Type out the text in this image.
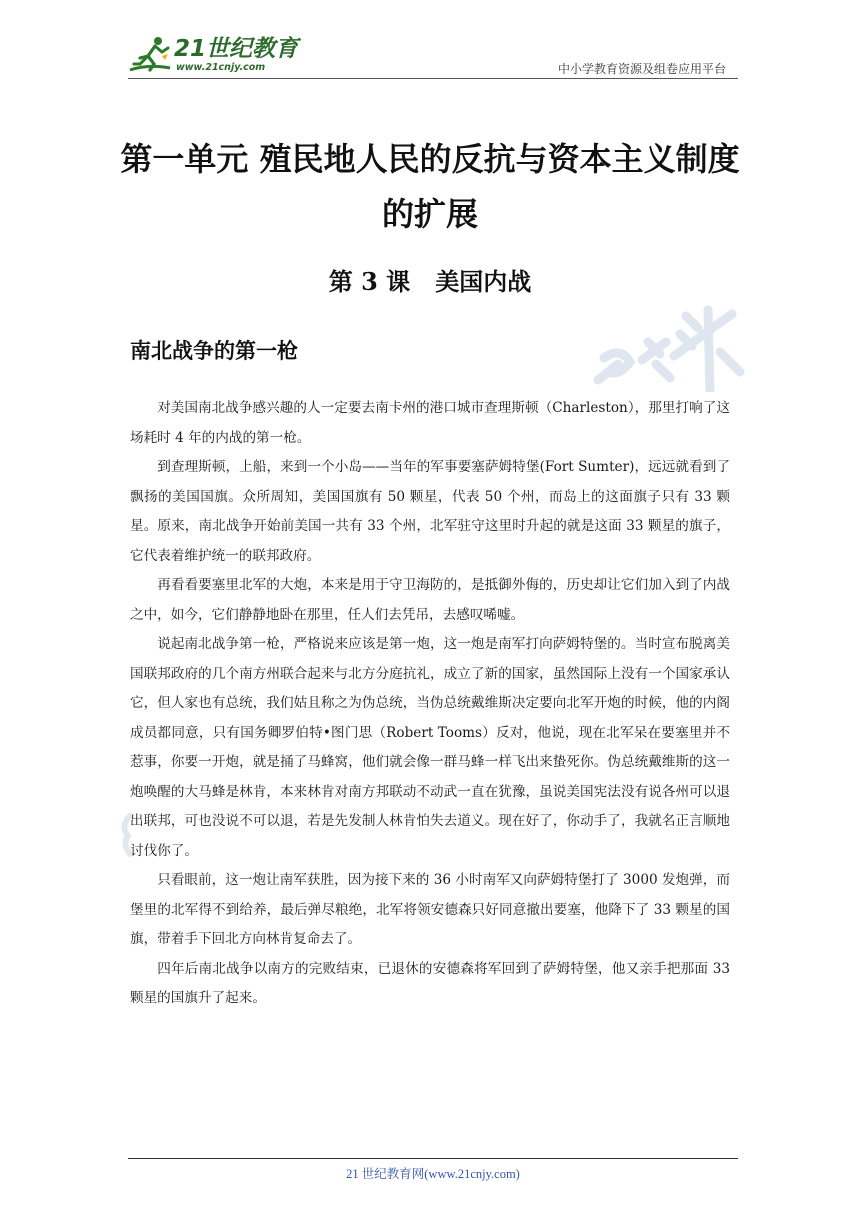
21世纪教育
www.21cnjy.com	中小学教育资源及组卷应用平台
第一单元 殖民地人民的反抗与资本主义制度的扩展
第 3 课   美国内战
南北战争的第一枪

对美国南北战争感兴趣的人一定要去南卡州的港口城市查理斯顿（Charleston），那里打响了这场耗时 4 年的内战的第一枪。

到查理斯顿，上船，来到一个小岛——当年的军事要塞萨姆特堡(Fort Sumter)，远远就看到了飘扬的美国国旗。众所周知，美国国旗有 50 颗星，代表 50 个州，而岛上的这面旗子只有 33 颗星。原来，南北战争开始前美国一共有 33 个州，北军驻守这里时升起的就是这面 33 颗星的旗子，它代表着维护统一的联邦政府。

再看看要塞里北军的大炮，本来是用于守卫海防的，是抵御外侮的，历史却让它们加入到了内战之中，如今，它们静静地卧在那里，任人们去凭吊，去感叹唏嘘。

说起南北战争第一枪，严格说来应该是第一炮，这一炮是南军打向萨姆特堡的。当时宣布脱离美国联邦政府的几个南方州联合起来与北方分庭抗礼，成立了新的国家，虽然国际上没有一个国家承认它，但人家也有总统，我们姑且称之为伪总统，当伪总统戴维斯决定要向北军开炮的时候，他的内阁成员都同意，只有国务卿罗伯特•图门思（Robert Tooms）反对，他说，现在北军呆在要塞里并不惹事，你要一开炮，就是捅了马蜂窝，他们就会像一群马蜂一样飞出来蛰死你。伪总统戴维斯的这一炮唤醒的大马蜂是林肯，本来林肯对南方邦联动不动武一直在犹豫，虽说美国宪法没有说各州可以退出联邦，可也没说不可以退，若是先发制人林肯怕失去道义。现在好了，你动手了，我就名正言顺地讨伐你了。

只看眼前，这一炮让南军获胜，因为接下来的 36 小时南军又向萨姆特堡打了 3000 发炮弹，而堡里的北军得不到给养，最后弹尽粮绝，北军将领安德森只好同意撤出要塞，他降下了 33 颗星的国旗，带着手下回北方向林肯复命去了。

四年后南北战争以南方的完败结束，已退休的安德森将军回到了萨姆特堡，他又亲手把那面 33 颗星的国旗升了起来。

21 世纪教育网(www.21cnjy.com)
